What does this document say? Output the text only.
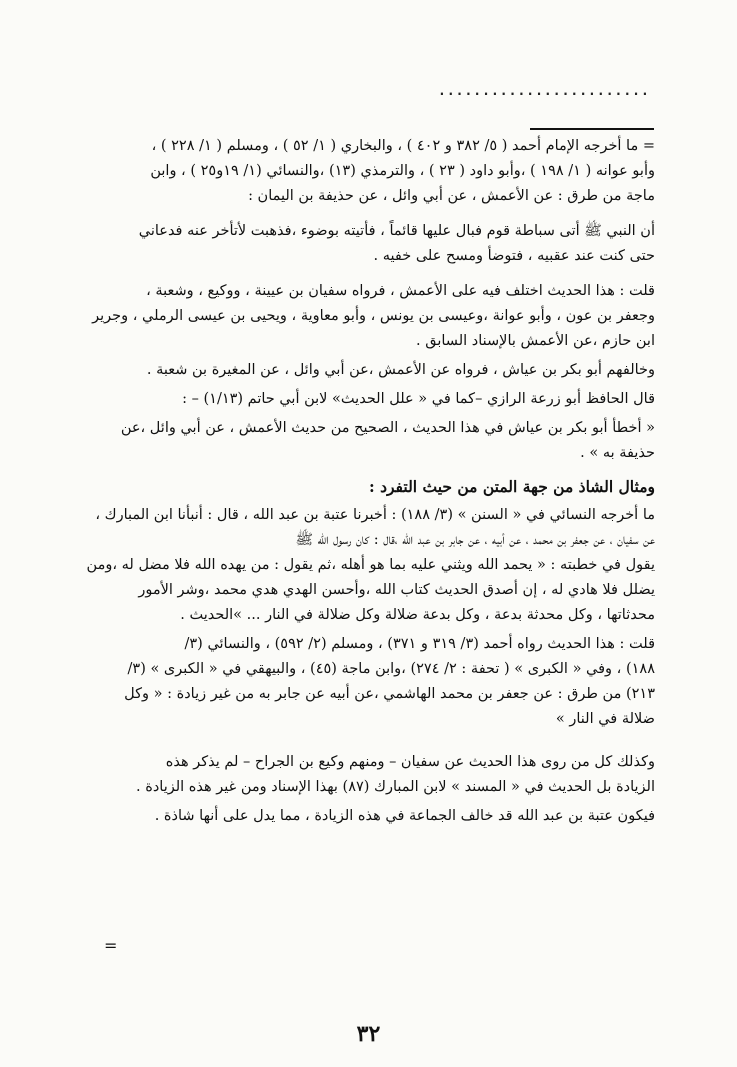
........................

= ما أخرجه الإمام أحمد ( ٥/ ٣٨٢ و ٤٠٢ ) ، والبخاري ( ١/ ٥٢ ) ، ومسلم ( ١/ ٢٢٨ ) ،
وأبو عوانه ( ١/ ١٩٨ ) ،وأبو داود ( ٢٣ ) ، والترمذي (١٣) ،والنسائي (١/ ١٩و٢٥ ) ، وابن
ماجة من طرق : عن الأعمش ، عن أبي وائل ، عن حذيفة بن اليمان :

أن النبي ﷺ أتى سباطة قوم فبال عليها قائماً ، فأتيته بوضوء ،فذهبت لأتأخر عنه فدعاني
حتى كنت عند عقبيه ، فتوضأ ومسح على خفيه .

قلت : هذا الحديث اختلف فيه على الأعمش ، فرواه سفيان بن عيينة ، ووكيع ، وشعبة ،
وجعفر بن عون ، وأبو عوانة ،وعيسى بن يونس ، وأبو معاوية ، ويحيى بن عيسى الرملي ، وجرير
ابن حازم ،عن الأعمش بالإسناد السابق .

وخالفهم أبو بكر بن عياش ، فرواه عن الأعمش ،عن أبي وائل ، عن المغيرة بن شعبة .

قال الحافظ أبو زرعة الرازي –كما في « علل الحديث» لابن أبي حاتم (١/١٣) – :

« أخطأ أبو بكر بن عياش في هذا الحديث ، الصحيح من حديث الأعمش ، عن أبي وائل ،عن
حذيفة به » .

ومثال الشاذ من جهة المتن من حيث التفرد :

ما أخرجه النسائي في « السنن » (٣/ ١٨٨) : أخبرنا عتبة بن عبد الله ، قال : أنبأنا ابن المبارك ،
عن سفيان ، عن جعفر بن محمد ، عن أبيه ، عن جابر بن عبد الله ،قال : كان رسول الله ﷺ
يقول في خطبته : « يحمد الله ويثني عليه بما هو أهله ،ثم يقول : من يهده الله فلا مضل له ،ومن
يضلل فلا هادي له ، إن أصدق الحديث كتاب الله ،وأحسن الهدي هدي محمد ،وشر الأمور
محدثاتها ، وكل محدثة بدعة ، وكل بدعة ضلالة وكل ضلالة في النار ... »الحديث .

قلت : هذا الحديث رواه أحمد (٣/ ٣١٩ و ٣٧١) ، ومسلم (٢/ ٥٩٢) ، والنسائي (٣/
١٨٨) ، وفي « الكبرى » ( تحفة : ٢/ ٢٧٤) ،وابن ماجة (٤٥) ، والبيهقي في « الكبرى » (٣/
٢١٣) من طرق : عن جعفر بن محمد الهاشمي ،عن أبيه عن جابر به من غير زيادة : « وكل
ضلالة في النار »

وكذلك كل من روى هذا الحديث عن سفيان – ومنهم وكيع بن الجراح – لم يذكر هذه
الزيادة بل الحديث في « المسند » لابن المبارك (٨٧) بهذا الإسناد ومن غير هذه الزيادة .

فيكون عتبة بن عبد الله قد خالف الجماعة في هذه الزيادة ، مما يدل على أنها شاذة .

=
٣٢
